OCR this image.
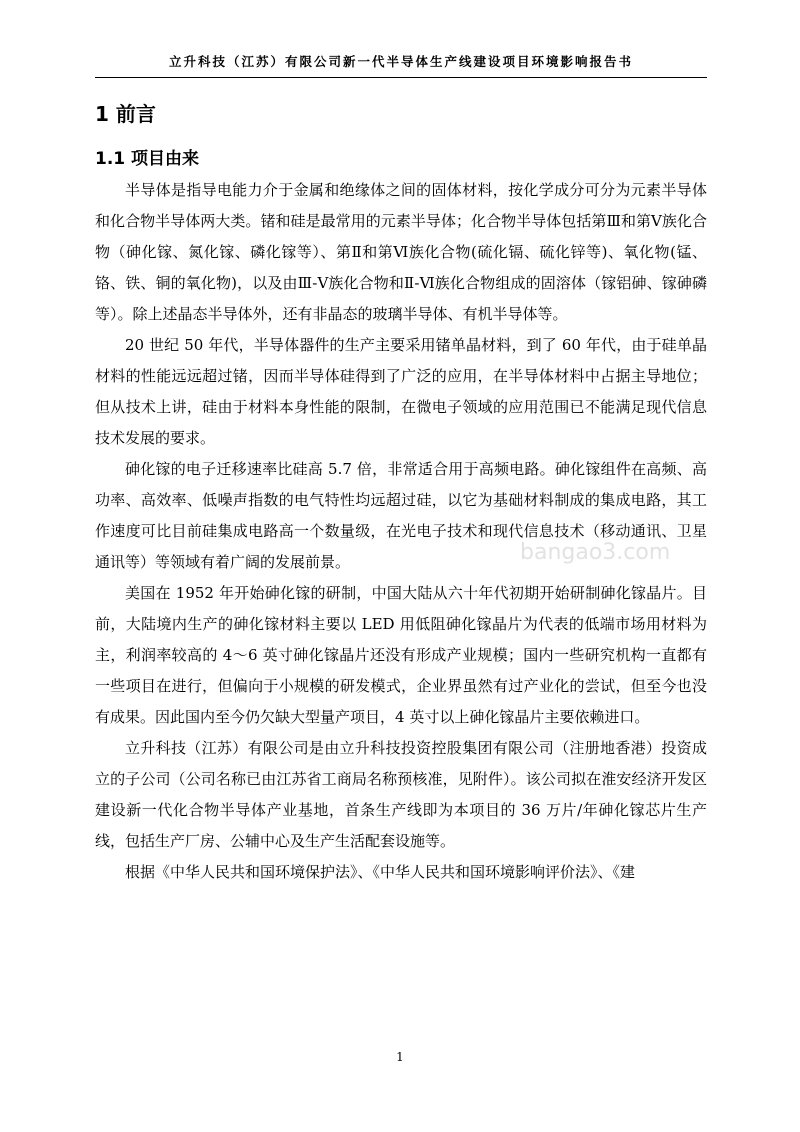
立升科技（江苏）有限公司新一代半导体生产线建设项目环境影响报告书
1 前言
1.1 项目由来
bangao3.com

半导体是指导电能力介于金属和绝缘体之间的固体材料，按化学成分可分为元素半导体和化合物半导体两大类。锗和硅是最常用的元素半导体；化合物半导体包括第Ⅲ和第Ⅴ族化合物（砷化镓、氮化镓、磷化镓等）、第Ⅱ和第Ⅵ族化合物(硫化镉、硫化锌等)、氧化物(锰、铬、铁、铜的氧化物)，以及由Ⅲ-Ⅴ族化合物和Ⅱ-Ⅵ族化合物组成的固溶体（镓铝砷、镓砷磷等）。除上述晶态半导体外，还有非晶态的玻璃半导体、有机半导体等。

20 世纪 50 年代，半导体器件的生产主要采用锗单晶材料，到了 60 年代，由于硅单晶材料的性能远远超过锗，因而半导体硅得到了广泛的应用，在半导体材料中占据主导地位；但从技术上讲，硅由于材料本身性能的限制，在微电子领域的应用范围已不能满足现代信息技术发展的要求。

砷化镓的电子迁移速率比硅高 5.7 倍，非常适合用于高频电路。砷化镓组件在高频、高功率、高效率、低噪声指数的电气特性均远超过硅，以它为基础材料制成的集成电路，其工作速度可比目前硅集成电路高一个数量级，在光电子技术和现代信息技术（移动通讯、卫星通讯等）等领域有着广阔的发展前景。

美国在 1952 年开始砷化镓的研制，中国大陆从六十年代初期开始研制砷化镓晶片。目前，大陆境内生产的砷化镓材料主要以 LED 用低阻砷化镓晶片为代表的低端市场用材料为主，利润率较高的 4～6 英寸砷化镓晶片还没有形成产业规模；国内一些研究机构一直都有一些项目在进行，但偏向于小规模的研发模式，企业界虽然有过产业化的尝试，但至今也没有成果。因此国内至今仍欠缺大型量产项目，4 英寸以上砷化镓晶片主要依赖进口。

立升科技（江苏）有限公司是由立升科技投资控股集团有限公司（注册地香港）投资成立的子公司（公司名称已由江苏省工商局名称预核准，见附件）。该公司拟在淮安经济开发区建设新一代化合物半导体产业基地，首条生产线即为本项目的 36 万片/年砷化镓芯片生产线，包括生产厂房、公辅中心及生产生活配套设施等。

根据《中华人民共和国环境保护法》、《中华人民共和国环境影响评价法》、《建

1
